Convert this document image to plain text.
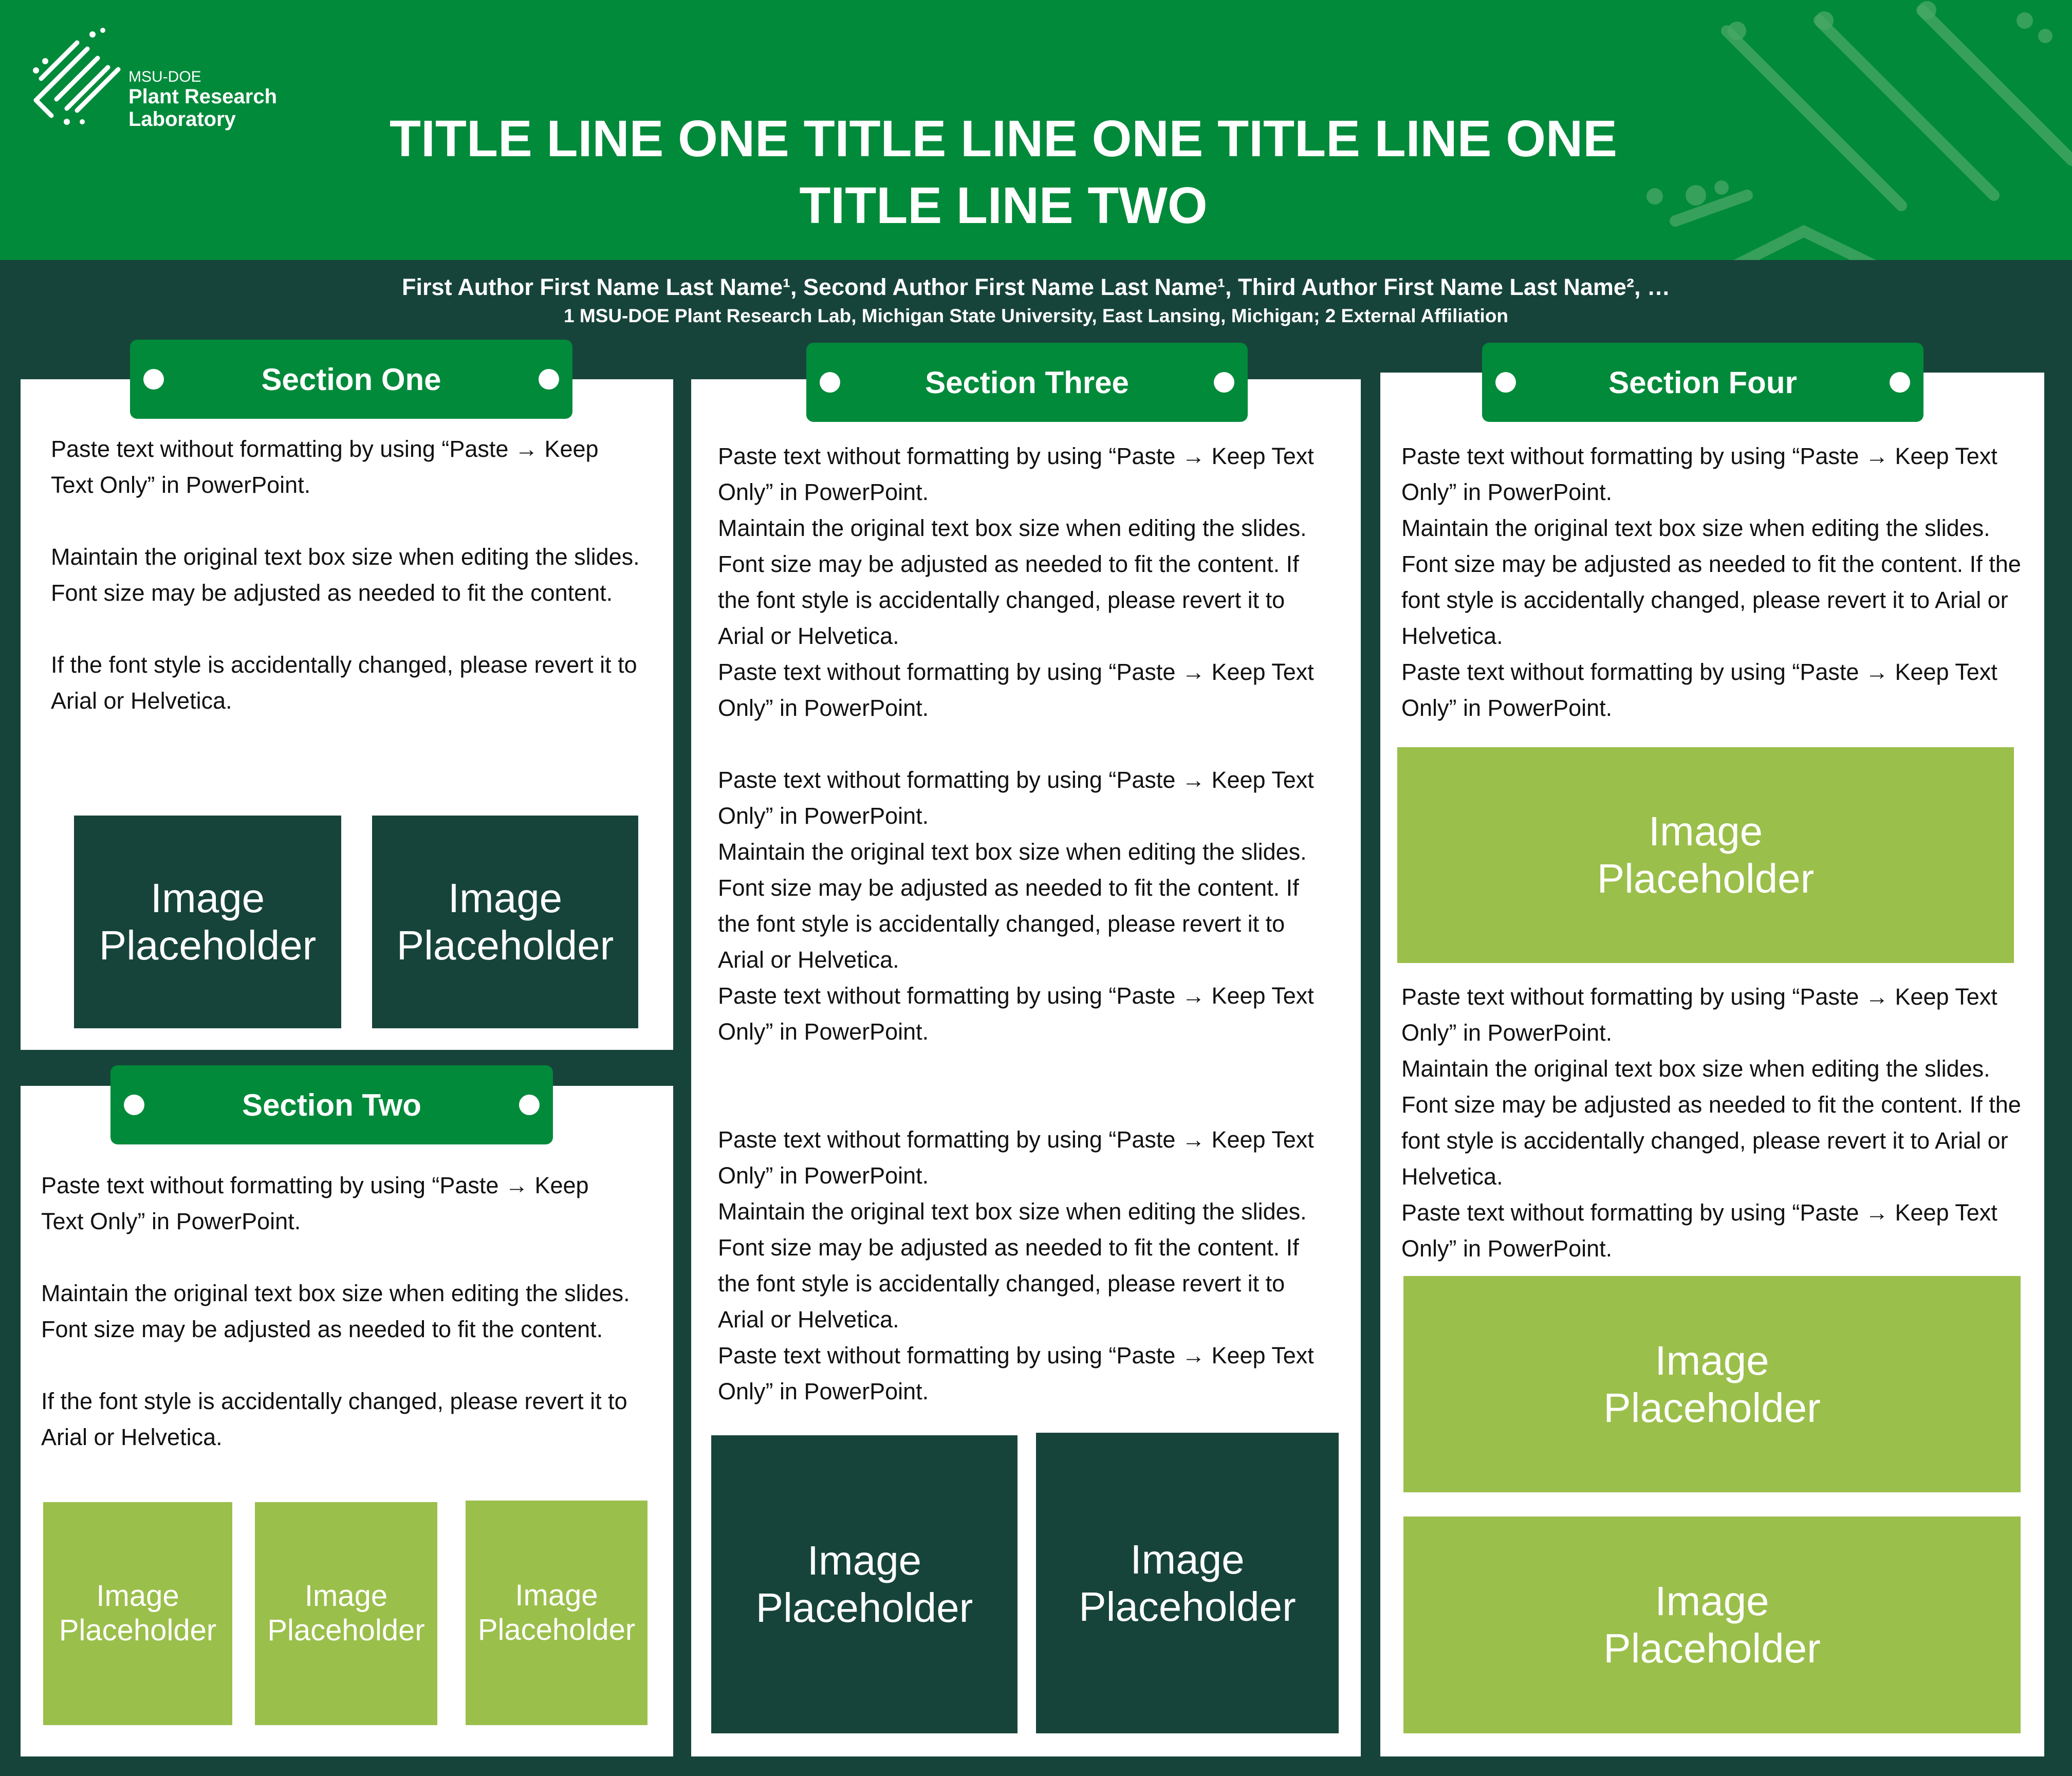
MSU-DOE
Plant Research
Laboratory	TITLE LINE ONE TITLE LINE ONE TITLE LINE ONE
TITLE LINE TWO
First Author First Name Last Name¹, Second Author First Name Last Name¹, Third Author First Name Last Name², …
1 MSU-DOE Plant Research Lab, Michigan State University, East Lansing, Michigan; 2 External Affiliation
Section One

Paste text without formatting by using “Paste → Keep Text Only” in PowerPoint.

Maintain the original text box size when editing the slides. Font size may be adjusted as needed to fit the content.

If the font style is accidentally changed, please revert it to Arial or Helvetica.

Image
Placeholder
Image
Placeholder
Section Two

Paste text without formatting by using “Paste → Keep Text Only” in PowerPoint.

Maintain the original text box size when editing the slides. Font size may be adjusted as needed to fit the content.

If the font style is accidentally changed, please revert it to Arial or Helvetica.

Image
Placeholder
Image
Placeholder
Image
Placeholder
Section Three

Paste text without formatting by using “Paste → Keep Text Only” in PowerPoint.

Maintain the original text box size when editing the slides. Font size may be adjusted as needed to fit the content. If the font style is accidentally changed, please revert it to Arial or Helvetica.

Paste text without formatting by using “Paste → Keep Text Only” in PowerPoint.

Paste text without formatting by using “Paste → Keep Text Only” in PowerPoint.

Maintain the original text box size when editing the slides. Font size may be adjusted as needed to fit the content. If the font style is accidentally changed, please revert it to Arial or Helvetica.

Paste text without formatting by using “Paste → Keep Text Only” in PowerPoint.

Paste text without formatting by using “Paste → Keep Text Only” in PowerPoint.

Maintain the original text box size when editing the slides. Font size may be adjusted as needed to fit the content. If the font style is accidentally changed, please revert it to Arial or Helvetica.

Paste text without formatting by using “Paste → Keep Text Only” in PowerPoint.

Image
Placeholder
Image
Placeholder
Section Four

Paste text without formatting by using “Paste → Keep Text Only” in PowerPoint.

Maintain the original text box size when editing the slides. Font size may be adjusted as needed to fit the content. If the font style is accidentally changed, please revert it to Arial or Helvetica.

Paste text without formatting by using “Paste → Keep Text Only” in PowerPoint.

Image
Placeholder

Paste text without formatting by using “Paste → Keep Text Only” in PowerPoint.

Maintain the original text box size when editing the slides. Font size may be adjusted as needed to fit the content. If the font style is accidentally changed, please revert it to Arial or Helvetica.

Paste text without formatting by using “Paste → Keep Text Only” in PowerPoint.

Image
Placeholder
Image
Placeholder
